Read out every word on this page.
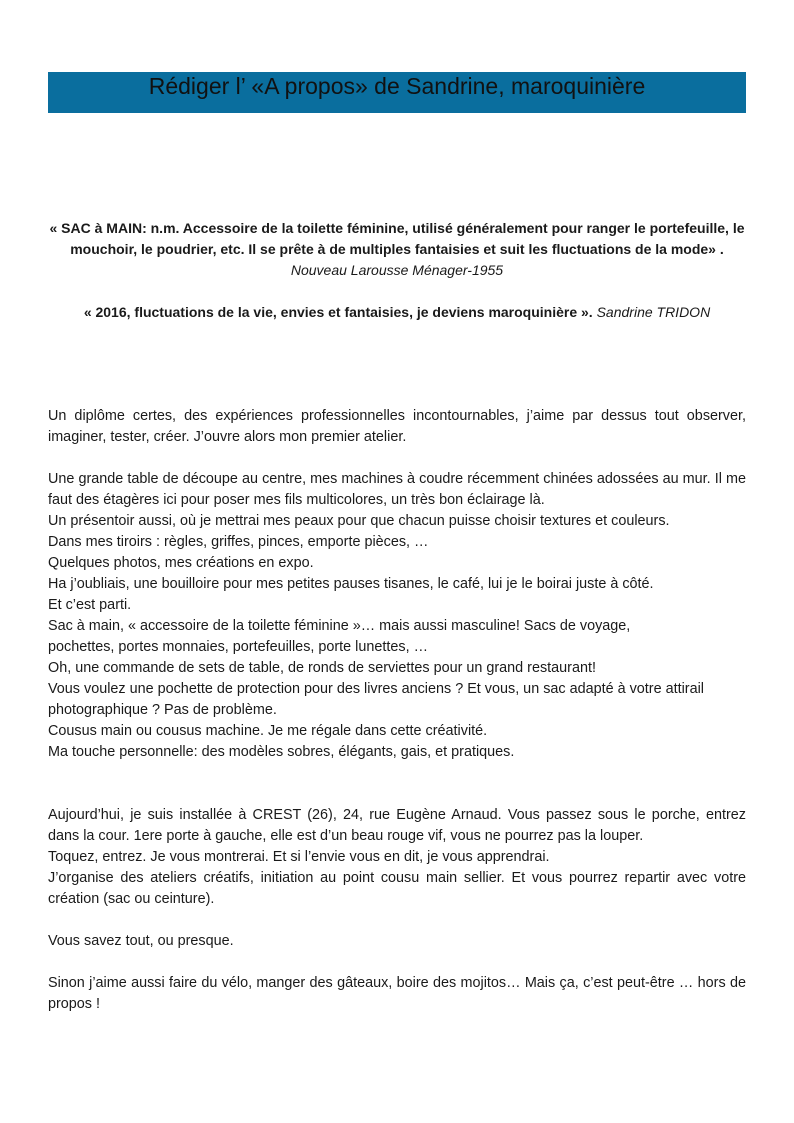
Rédiger l’ «A propos» de Sandrine, maroquinière

« SAC à MAIN: n.m. Accessoire de la toilette féminine, utilisé généralement pour ranger le portefeuille, le mouchoir, le poudrier, etc. Il se prête à de multiples fantaisies et suit les fluctuations de la mode» . Nouveau Larousse Ménager-1955

« 2016, fluctuations de la vie, envies et fantaisies, je deviens maroquinière ». Sandrine TRIDON

Un diplôme certes, des expériences professionnelles incontournables, j’aime par dessus tout observer, imaginer, tester, créer. J’ouvre alors mon premier atelier.

Une grande table de découpe au centre, mes machines à coudre récemment chinées adossées au mur. Il me faut des étagères ici pour poser mes fils multicolores, un très bon éclairage là.

Un présentoir aussi, où je mettrai mes peaux pour que chacun puisse choisir textures et couleurs.

Dans mes tiroirs : règles, griffes, pinces, emporte pièces, …

Quelques photos, mes créations en expo.

Ha j’oubliais, une bouilloire pour mes petites pauses tisanes, le café, lui je le boirai juste à côté.

Et c’est parti.

Sac à main, « accessoire de la toilette féminine »… mais aussi masculine! Sacs de voyage, pochettes, portes monnaies, portefeuilles, porte lunettes, …

Oh, une commande de sets de table, de ronds de serviettes pour un grand restaurant!

Vous voulez une pochette de protection pour des livres anciens ? Et vous, un sac adapté à votre attirail photographique ? Pas de problème.

Cousus main ou cousus machine. Je me régale dans cette créativité.

Ma touche personnelle: des modèles sobres, élégants, gais, et pratiques.

Aujourd’hui, je suis installée à CREST (26), 24, rue Eugène Arnaud. Vous passez sous le porche, entrez dans la cour. 1ere porte à gauche, elle est d’un beau rouge vif, vous ne pourrez pas la louper.

Toquez, entrez. Je vous montrerai. Et si l’envie vous en dit, je vous apprendrai.

J’organise des ateliers créatifs, initiation au point cousu main sellier. Et vous pourrez repartir avec votre création (sac ou ceinture).

Vous savez tout, ou presque.

Sinon j’aime aussi faire du vélo, manger des gâteaux, boire des mojitos… Mais ça, c’est peut-être … hors de propos !
